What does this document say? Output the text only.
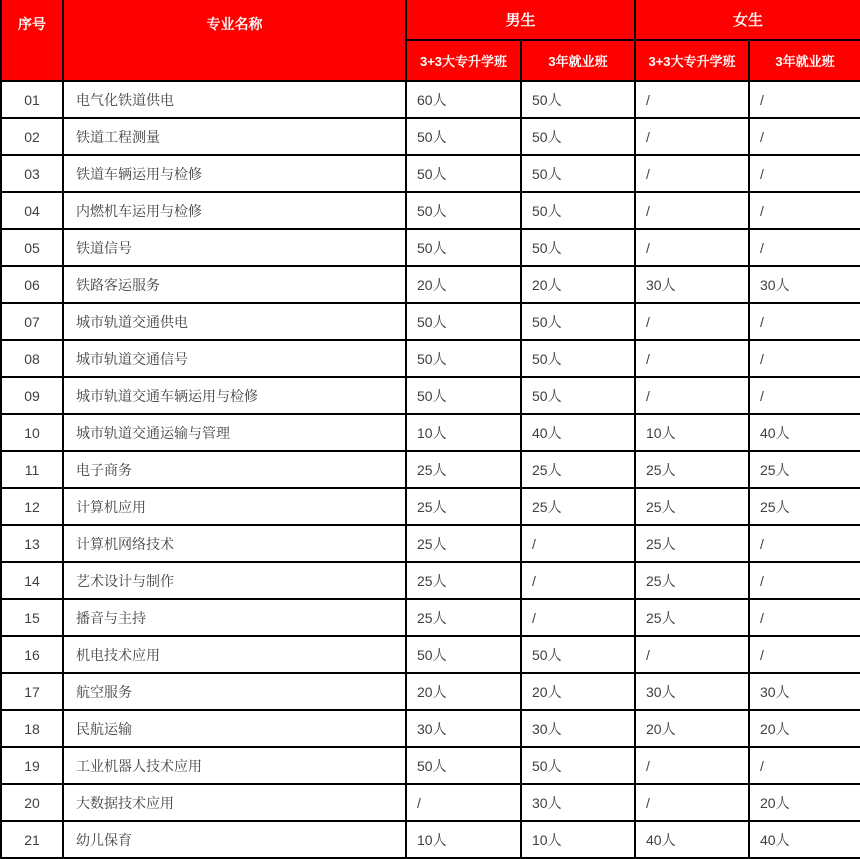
序号	专业名称	男生		女生	
		3+3大专升学班	3年就业班	3+3大专升学班	3年就业班
01	电气化铁道供电	60人	50人	/	/
02	铁道工程测量	50人	50人	/	/
03	铁道车辆运用与检修	50人	50人	/	/
04	内燃机车运用与检修	50人	50人	/	/
05	铁道信号	50人	50人	/	/
06	铁路客运服务	20人	20人	30人	30人
07	城市轨道交通供电	50人	50人	/	/
08	城市轨道交通信号	50人	50人	/	/
09	城市轨道交通车辆运用与检修	50人	50人	/	/
10	城市轨道交通运输与管理	10人	40人	10人	40人
11	电子商务	25人	25人	25人	25人
12	计算机应用	25人	25人	25人	25人
13	计算机网络技术	25人	/	25人	/
14	艺术设计与制作	25人	/	25人	/
15	播音与主持	25人	/	25人	/
16	机电技术应用	50人	50人	/	/
17	航空服务	20人	20人	30人	30人
18	民航运输	30人	30人	20人	20人
19	工业机器人技术应用	50人	50人	/	/
20	大数据技术应用	/	30人	/	20人
21	幼儿保育	10人	10人	40人	40人
